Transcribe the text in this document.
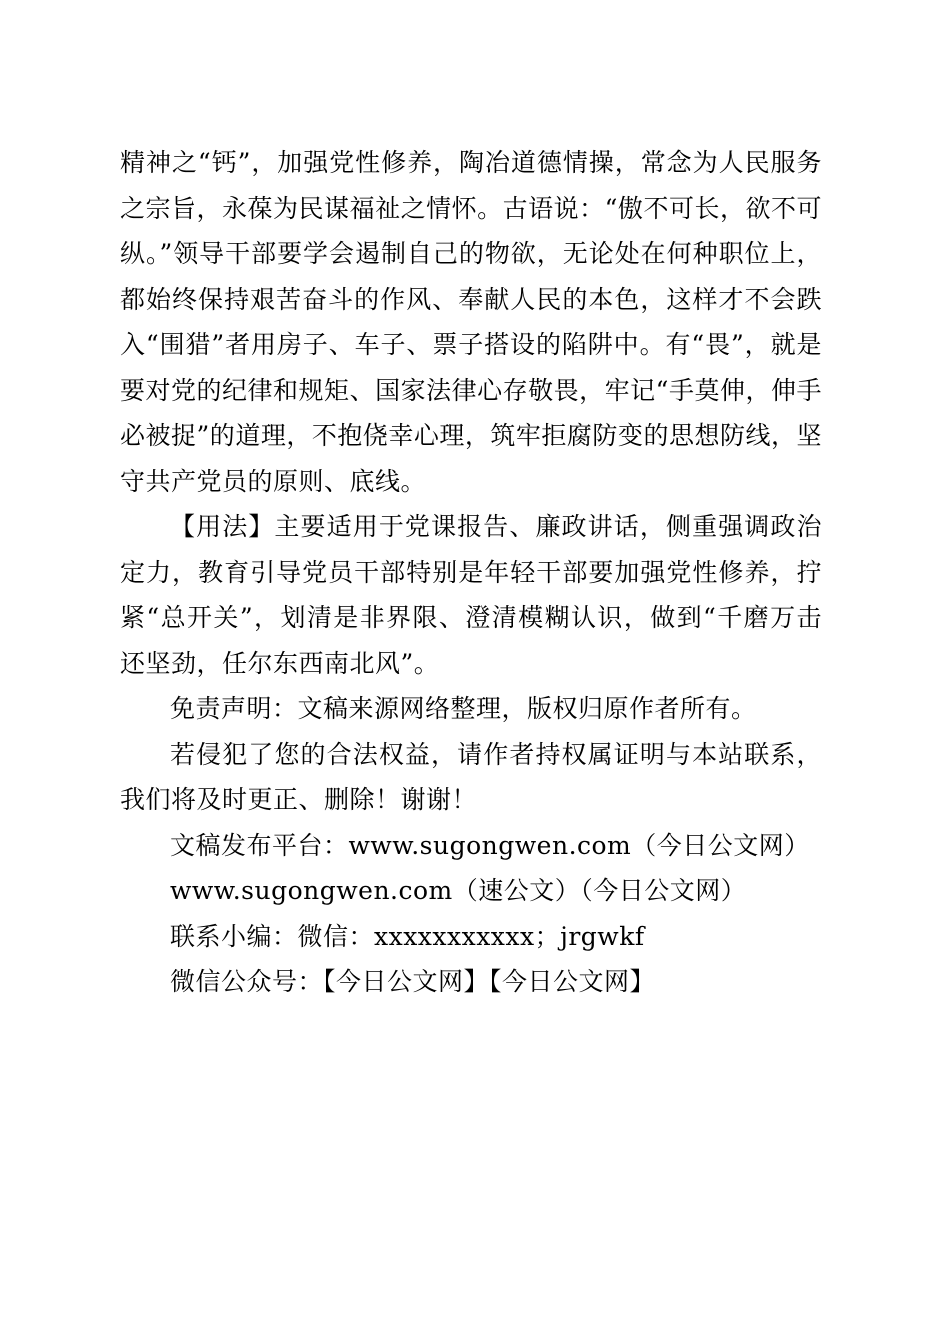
精神之“钙”，加强党性修养，陶冶道德情操，常念为人民服务之宗旨，永葆为民谋福祉之情怀。古语说：“傲不可长，欲不可纵。”领导干部要学会遏制自己的物欲，无论处在何种职位上，都始终保持艰苦奋斗的作风、奉献人民的本色，这样才不会跌入“围猎”者用房子、车子、票子搭设的陷阱中。有“畏”，就是要对党的纪律和规矩、国家法律心存敬畏，牢记“手莫伸，伸手必被捉”的道理，不抱侥幸心理，筑牢拒腐防变的思想防线，坚守共产党员的原则、底线。

【用法】主要适用于党课报告、廉政讲话，侧重强调政治定力，教育引导党员干部特别是年轻干部要加强党性修养，拧紧“总开关”，划清是非界限、澄清模糊认识，做到“千磨万击还坚劲，任尔东西南北风”。

免责声明：文稿来源网络整理，版权归原作者所有。

若侵犯了您的合法权益，请作者持权属证明与本站联系，我们将及时更正、删除！谢谢！

文稿发布平台：www.sugongwen.com（今日公文网）

www.sugongwen.com（速公文）（今日公文网）

联系小编：微信：xxxxxxxxxxx；jrgwkf

微信公众号：【今日公文网】【今日公文网】
